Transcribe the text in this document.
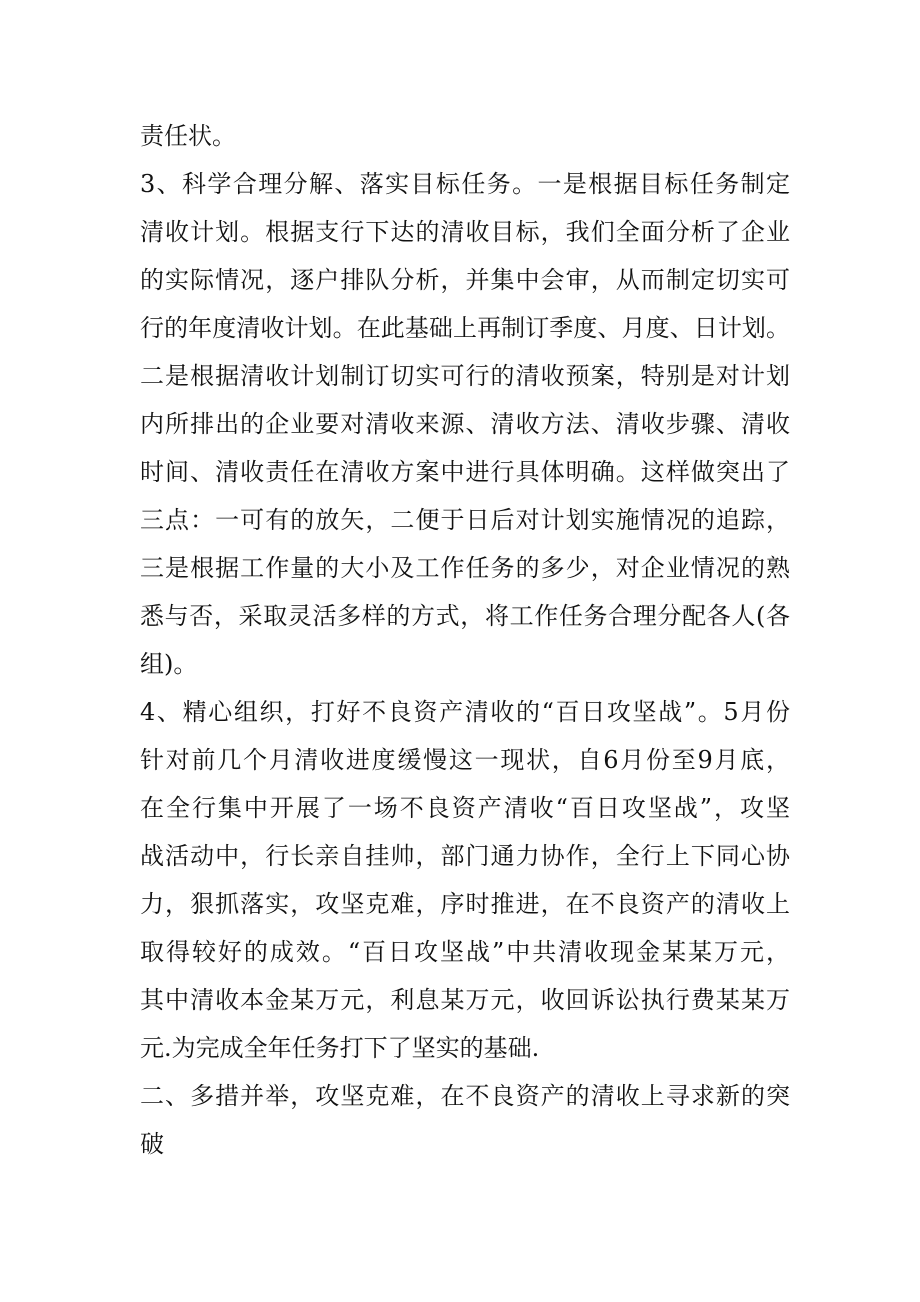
责任状。
3、科学合理分解、落实目标任务。一是根据目标任务制定
清收计划。根据支行下达的清收目标，我们全面分析了企业
的实际情况，逐户排队分析，并集中会审，从而制定切实可
行的年度清收计划。在此基础上再制订季度、月度、日计划。
二是根据清收计划制订切实可行的清收预案，特别是对计划
内所排出的企业要对清收来源、清收方法、清收步骤、清收
时间、清收责任在清收方案中进行具体明确。这样做突出了
三点：一可有的放矢，二便于日后对计划实施情况的追踪，
三是根据工作量的大小及工作任务的多少，对企业情况的熟
悉与否，采取灵活多样的方式，将工作任务合理分配各人(各
组)。
4、精心组织，打好不良资产清收的“百日攻坚战”。5月份
针对前几个月清收进度缓慢这一现状，自6月份至9月底，
在全行集中开展了一场不良资产清收“百日攻坚战”，攻坚
战活动中，行长亲自挂帅，部门通力协作，全行上下同心协
力，狠抓落实，攻坚克难，序时推进，在不良资产的清收上
取得较好的成效。“百日攻坚战”中共清收现金某某万元，
其中清收本金某万元，利息某万元，收回诉讼执行费某某万
元.为完成全年任务打下了坚实的基础.
二、多措并举，攻坚克难，在不良资产的清收上寻求新的突
破
